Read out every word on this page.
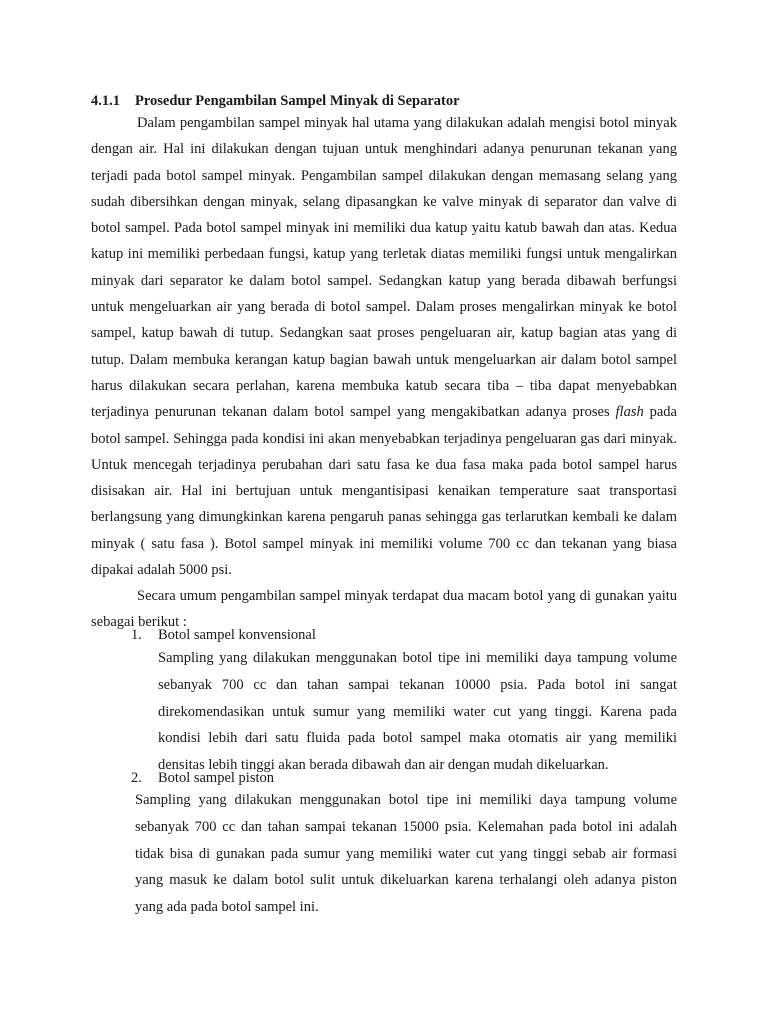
4.1.1 Prosedur Pengambilan Sampel Minyak di Separator

Dalam pengambilan sampel minyak hal utama yang dilakukan adalah mengisi botol minyak dengan air. Hal ini dilakukan dengan tujuan untuk menghindari adanya penurunan tekanan yang terjadi pada botol sampel minyak. Pengambilan sampel dilakukan dengan memasang selang yang sudah dibersihkan dengan minyak, selang dipasangkan ke valve minyak di separator dan valve di botol sampel. Pada botol sampel minyak ini memiliki dua katup yaitu katub bawah dan atas. Kedua katup ini memiliki perbedaan fungsi, katup yang terletak diatas memiliki fungsi untuk mengalirkan minyak dari separator ke dalam botol sampel. Sedangkan katup yang berada dibawah berfungsi untuk mengeluarkan air yang berada di botol sampel. Dalam proses mengalirkan minyak ke botol sampel, katup bawah di tutup. Sedangkan saat proses pengeluaran air, katup bagian atas yang di tutup. Dalam membuka kerangan katup bagian bawah untuk mengeluarkan air dalam botol sampel harus dilakukan secara perlahan, karena membuka katub secara tiba – tiba dapat menyebabkan terjadinya penurunan tekanan dalam botol sampel yang mengakibatkan adanya proses flash pada botol sampel. Sehingga pada kondisi ini akan menyebabkan terjadinya pengeluaran gas dari minyak. Untuk mencegah terjadinya perubahan dari satu fasa ke dua fasa maka pada botol sampel harus disisakan air. Hal ini bertujuan untuk mengantisipasi kenaikan temperature saat transportasi berlangsung yang dimungkinkan karena pengaruh panas sehingga gas terlarutkan kembali ke dalam minyak ( satu fasa ). Botol sampel minyak ini memiliki volume 700 cc dan tekanan yang biasa dipakai adalah 5000 psi.

Secara umum pengambilan sampel minyak terdapat dua macam botol yang di gunakan yaitu sebagai berikut :

1. Botol sampel konvensional

Sampling yang dilakukan menggunakan botol tipe ini memiliki daya tampung volume sebanyak 700 cc dan tahan sampai tekanan 10000 psia. Pada botol ini sangat direkomendasikan untuk sumur yang memiliki water cut yang tinggi. Karena pada kondisi lebih dari satu fluida pada botol sampel maka otomatis air yang memiliki densitas lebih tinggi akan berada dibawah dan air dengan mudah dikeluarkan.

2. Botol sampel piston

Sampling yang dilakukan menggunakan botol tipe ini memiliki daya tampung volume sebanyak 700 cc dan tahan sampai tekanan 15000 psia. Kelemahan pada botol ini adalah tidak bisa di gunakan pada sumur yang memiliki water cut yang tinggi sebab air formasi yang masuk ke dalam botol sulit untuk dikeluarkan karena terhalangi oleh adanya piston yang ada pada botol sampel ini.
